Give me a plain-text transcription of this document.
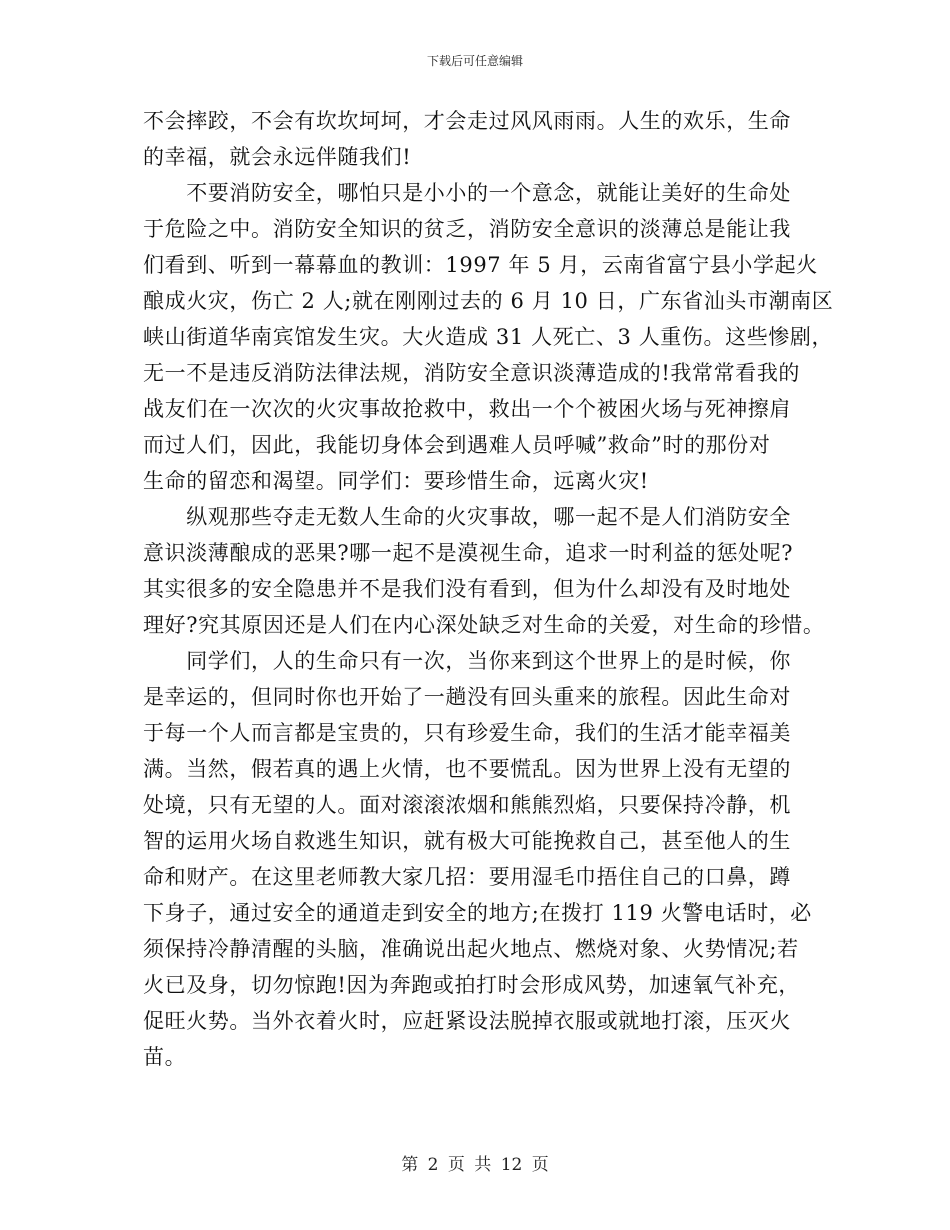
下载后可任意编辑
不会摔跤，不会有坎坎坷坷，才会走过风风雨雨。人生的欢乐，生命
的幸福，就会永远伴随我们!
　　不要消防安全，哪怕只是小小的一个意念，就能让美好的生命处
于危险之中。消防安全知识的贫乏，消防安全意识的淡薄总是能让我
们看到、听到一幕幕血的教训：1997 年 5 月，云南省富宁县小学起火
酿成火灾，伤亡 2 人;就在刚刚过去的 6 月 10 日，广东省汕头市潮南区
峡山街道华南宾馆发生灾。大火造成 31 人死亡、3 人重伤。这些惨剧，
无一不是违反消防法律法规，消防安全意识淡薄造成的!我常常看我的
战友们在一次次的火灾事故抢救中，救出一个个被困火场与死神擦肩
而过人们，因此，我能切身体会到遇难人员呼喊”救命”时的那份对
生命的留恋和渴望。同学们：要珍惜生命，远离火灾!
　　纵观那些夺走无数人生命的火灾事故，哪一起不是人们消防安全
意识淡薄酿成的恶果?哪一起不是漠视生命，追求一时利益的惩处呢?
其实很多的安全隐患并不是我们没有看到，但为什么却没有及时地处
理好?究其原因还是人们在内心深处缺乏对生命的关爱，对生命的珍惜。
　　同学们，人的生命只有一次，当你来到这个世界上的是时候，你
是幸运的，但同时你也开始了一趟没有回头重来的旅程。因此生命对
于每一个人而言都是宝贵的，只有珍爱生命，我们的生活才能幸福美
满。当然，假若真的遇上火情，也不要慌乱。因为世界上没有无望的
处境，只有无望的人。面对滚滚浓烟和熊熊烈焰，只要保持冷静，机
智的运用火场自救逃生知识，就有极大可能挽救自己，甚至他人的生
命和财产。在这里老师教大家几招：要用湿毛巾捂住自己的口鼻，蹲
下身子，通过安全的通道走到安全的地方;在拨打 119 火警电话时，必
须保持冷静清醒的头脑，准确说出起火地点、燃烧对象、火势情况;若
火已及身，切勿惊跑!因为奔跑或拍打时会形成风势，加速氧气补充，
促旺火势。当外衣着火时，应赶紧设法脱掉衣服或就地打滚，压灭火
苗。
第 2 页 共 12 页
